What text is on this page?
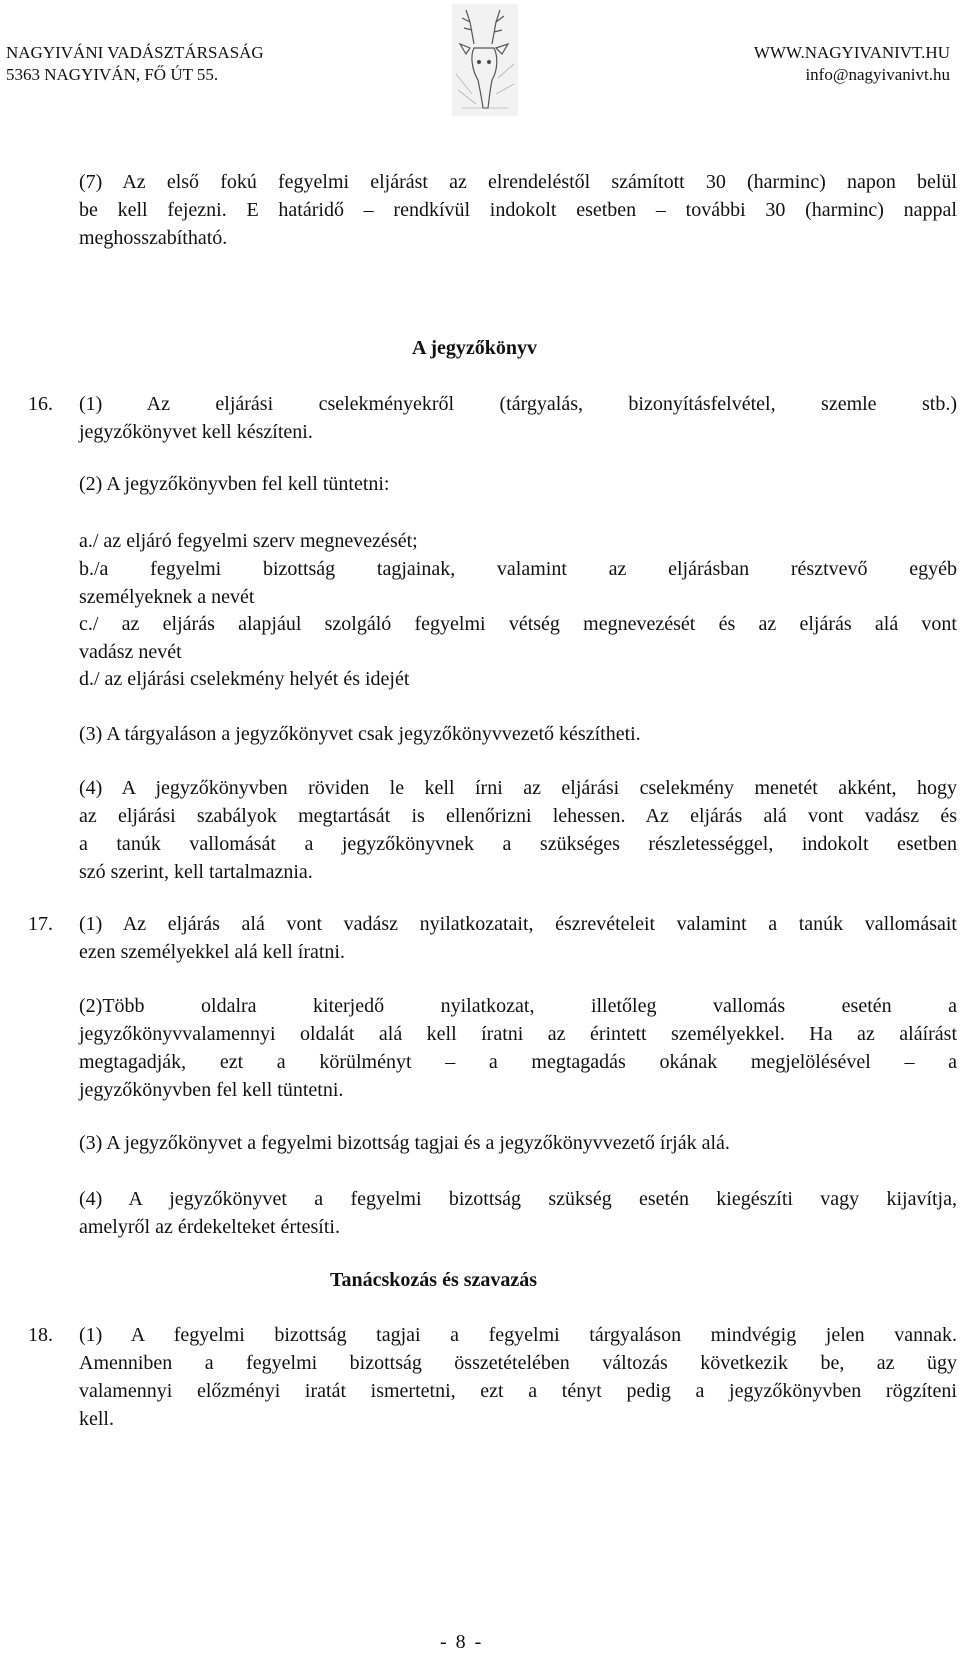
NAGYIVÁNI VADÁSZTÁRSASÁG
5363 NAGYIVÁN, FŐ ÚT 55.
WWW.NAGYIVANIVT.HU
info@nagyivanivt.hu
(7) Az első fokú fegyelmi eljárást az elrendeléstől számított 30 (harminc) napon belül
be kell fejezni. E határidő – rendkívül indokolt esetben – további 30 (harminc) nappal
meghosszabítható.
A jegyzőkönyv
16. (1) Az eljárási cselekményekről (tárgyalás, bizonyításfelvétel, szemle stb.)
jegyzőkönyvet kell készíteni.
(2) A jegyzőkönyvben fel kell tüntetni:
a./ az eljáró fegyelmi szerv megnevezését;
b./a fegyelmi bizottság tagjainak, valamint az eljárásban résztvevő egyéb
személyeknek a nevét
c./ az eljárás alapjául szolgáló fegyelmi vétség megnevezését és az eljárás alá vont
vadász nevét
d./ az eljárási cselekmény helyét és idejét
(3) A tárgyaláson a jegyzőkönyvet csak jegyzőkönyvvezető készítheti.
(4) A jegyzőkönyvben röviden le kell írni az eljárási cselekmény menetét akként, hogy
az eljárási szabályok megtartását is ellenőrizni lehessen. Az eljárás alá vont vadász és
a tanúk vallomását a jegyzőkönyvnek a szükséges részletességgel, indokolt esetben
szó szerint, kell tartalmaznia.
17. (1) Az eljárás alá vont vadász nyilatkozatait, észrevételeit valamint a tanúk vallomásait
ezen személyekkel alá kell íratni.
(2)Több oldalra kiterjedő nyilatkozat, illetőleg vallomás esetén a
jegyzőkönyvvalamennyi oldalát alá kell íratni az érintett személyekkel. Ha az aláírást
megtagadják, ezt a körülményt – a megtagadás okának megjelölésével – a
jegyzőkönyvben fel kell tüntetni.
(3) A jegyzőkönyvet a fegyelmi bizottság tagjai és a jegyzőkönyvvezető írják alá.
(4) A jegyzőkönyvet a fegyelmi bizottság szükség esetén kiegészíti vagy kijavítja,
amelyről az érdekelteket értesíti.
Tanácskozás és szavazás
18. (1) A fegyelmi bizottság tagjai a fegyelmi tárgyaláson mindvégig jelen vannak.
Amenniben a fegyelmi bizottság összetételében változás következik be, az ügy
valamennyi előzményi iratát ismertetni, ezt a tényt pedig a jegyzőkönyvben rögzíteni
kell.
- 8 -
